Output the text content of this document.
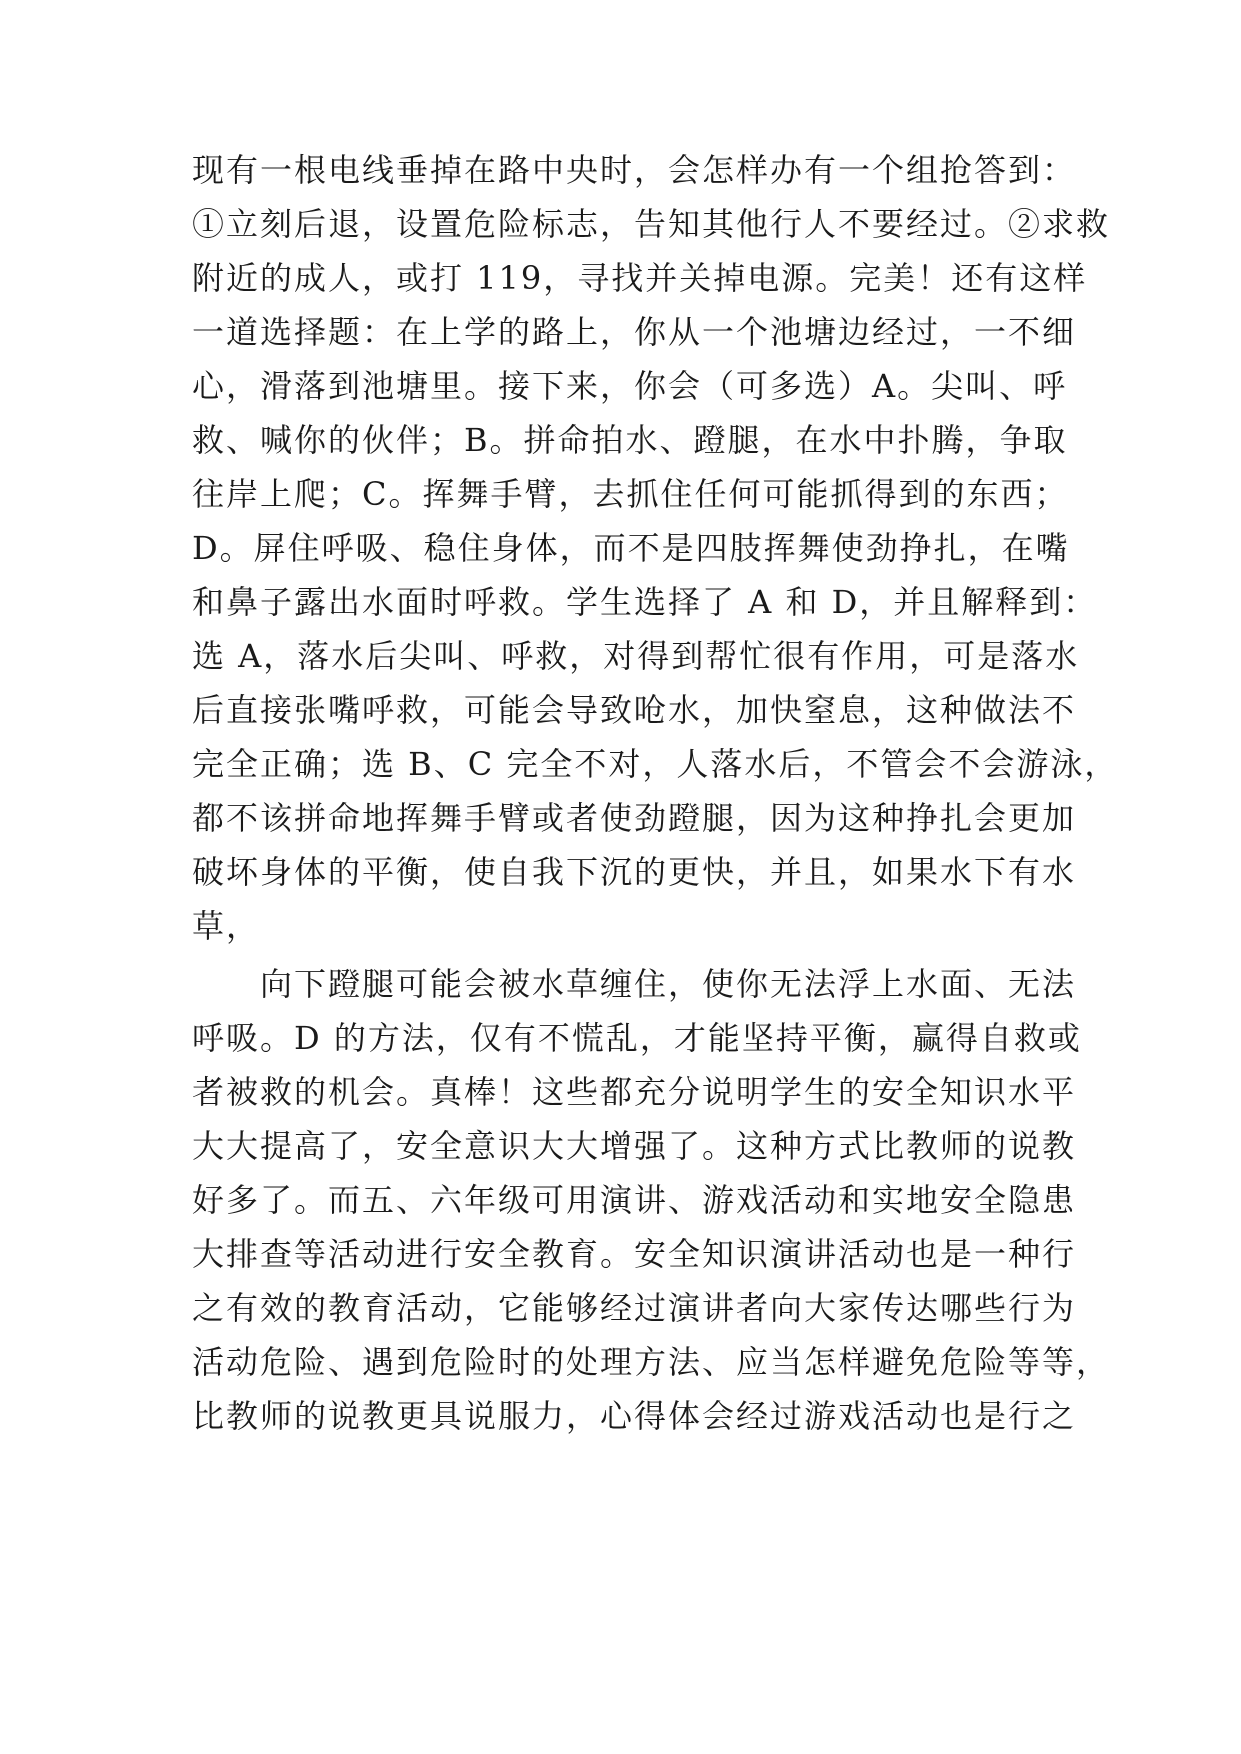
现有一根电线垂掉在路中央时，会怎样办有一个组抢答到：
①立刻后退，设置危险标志，告知其他行人不要经过。②求救
附近的成人，或打 119，寻找并关掉电源。完美！还有这样
一道选择题：在上学的路上，你从一个池塘边经过，一不细
心，滑落到池塘里。接下来，你会（可多选）A。尖叫、呼
救、喊你的伙伴；B。拼命拍水、蹬腿，在水中扑腾，争取
往岸上爬；C。挥舞手臂，去抓住任何可能抓得到的东西；
D。屏住呼吸、稳住身体，而不是四肢挥舞使劲挣扎，在嘴
和鼻子露出水面时呼救。学生选择了 A 和 D，并且解释到：
选 A，落水后尖叫、呼救，对得到帮忙很有作用，可是落水
后直接张嘴呼救，可能会导致呛水，加快窒息，这种做法不
完全正确；选 B、C 完全不对，人落水后，不管会不会游泳，
都不该拼命地挥舞手臂或者使劲蹬腿，因为这种挣扎会更加
破坏身体的平衡，使自我下沉的更快，并且，如果水下有水
草，
　　向下蹬腿可能会被水草缠住，使你无法浮上水面、无法
呼吸。D 的方法，仅有不慌乱，才能坚持平衡，赢得自救或
者被救的机会。真棒！这些都充分说明学生的安全知识水平
大大提高了，安全意识大大增强了。这种方式比教师的说教
好多了。而五、六年级可用演讲、游戏活动和实地安全隐患
大排查等活动进行安全教育。安全知识演讲活动也是一种行
之有效的教育活动，它能够经过演讲者向大家传达哪些行为
活动危险、遇到危险时的处理方法、应当怎样避免危险等等，
比教师的说教更具说服力，心得体会经过游戏活动也是行之
